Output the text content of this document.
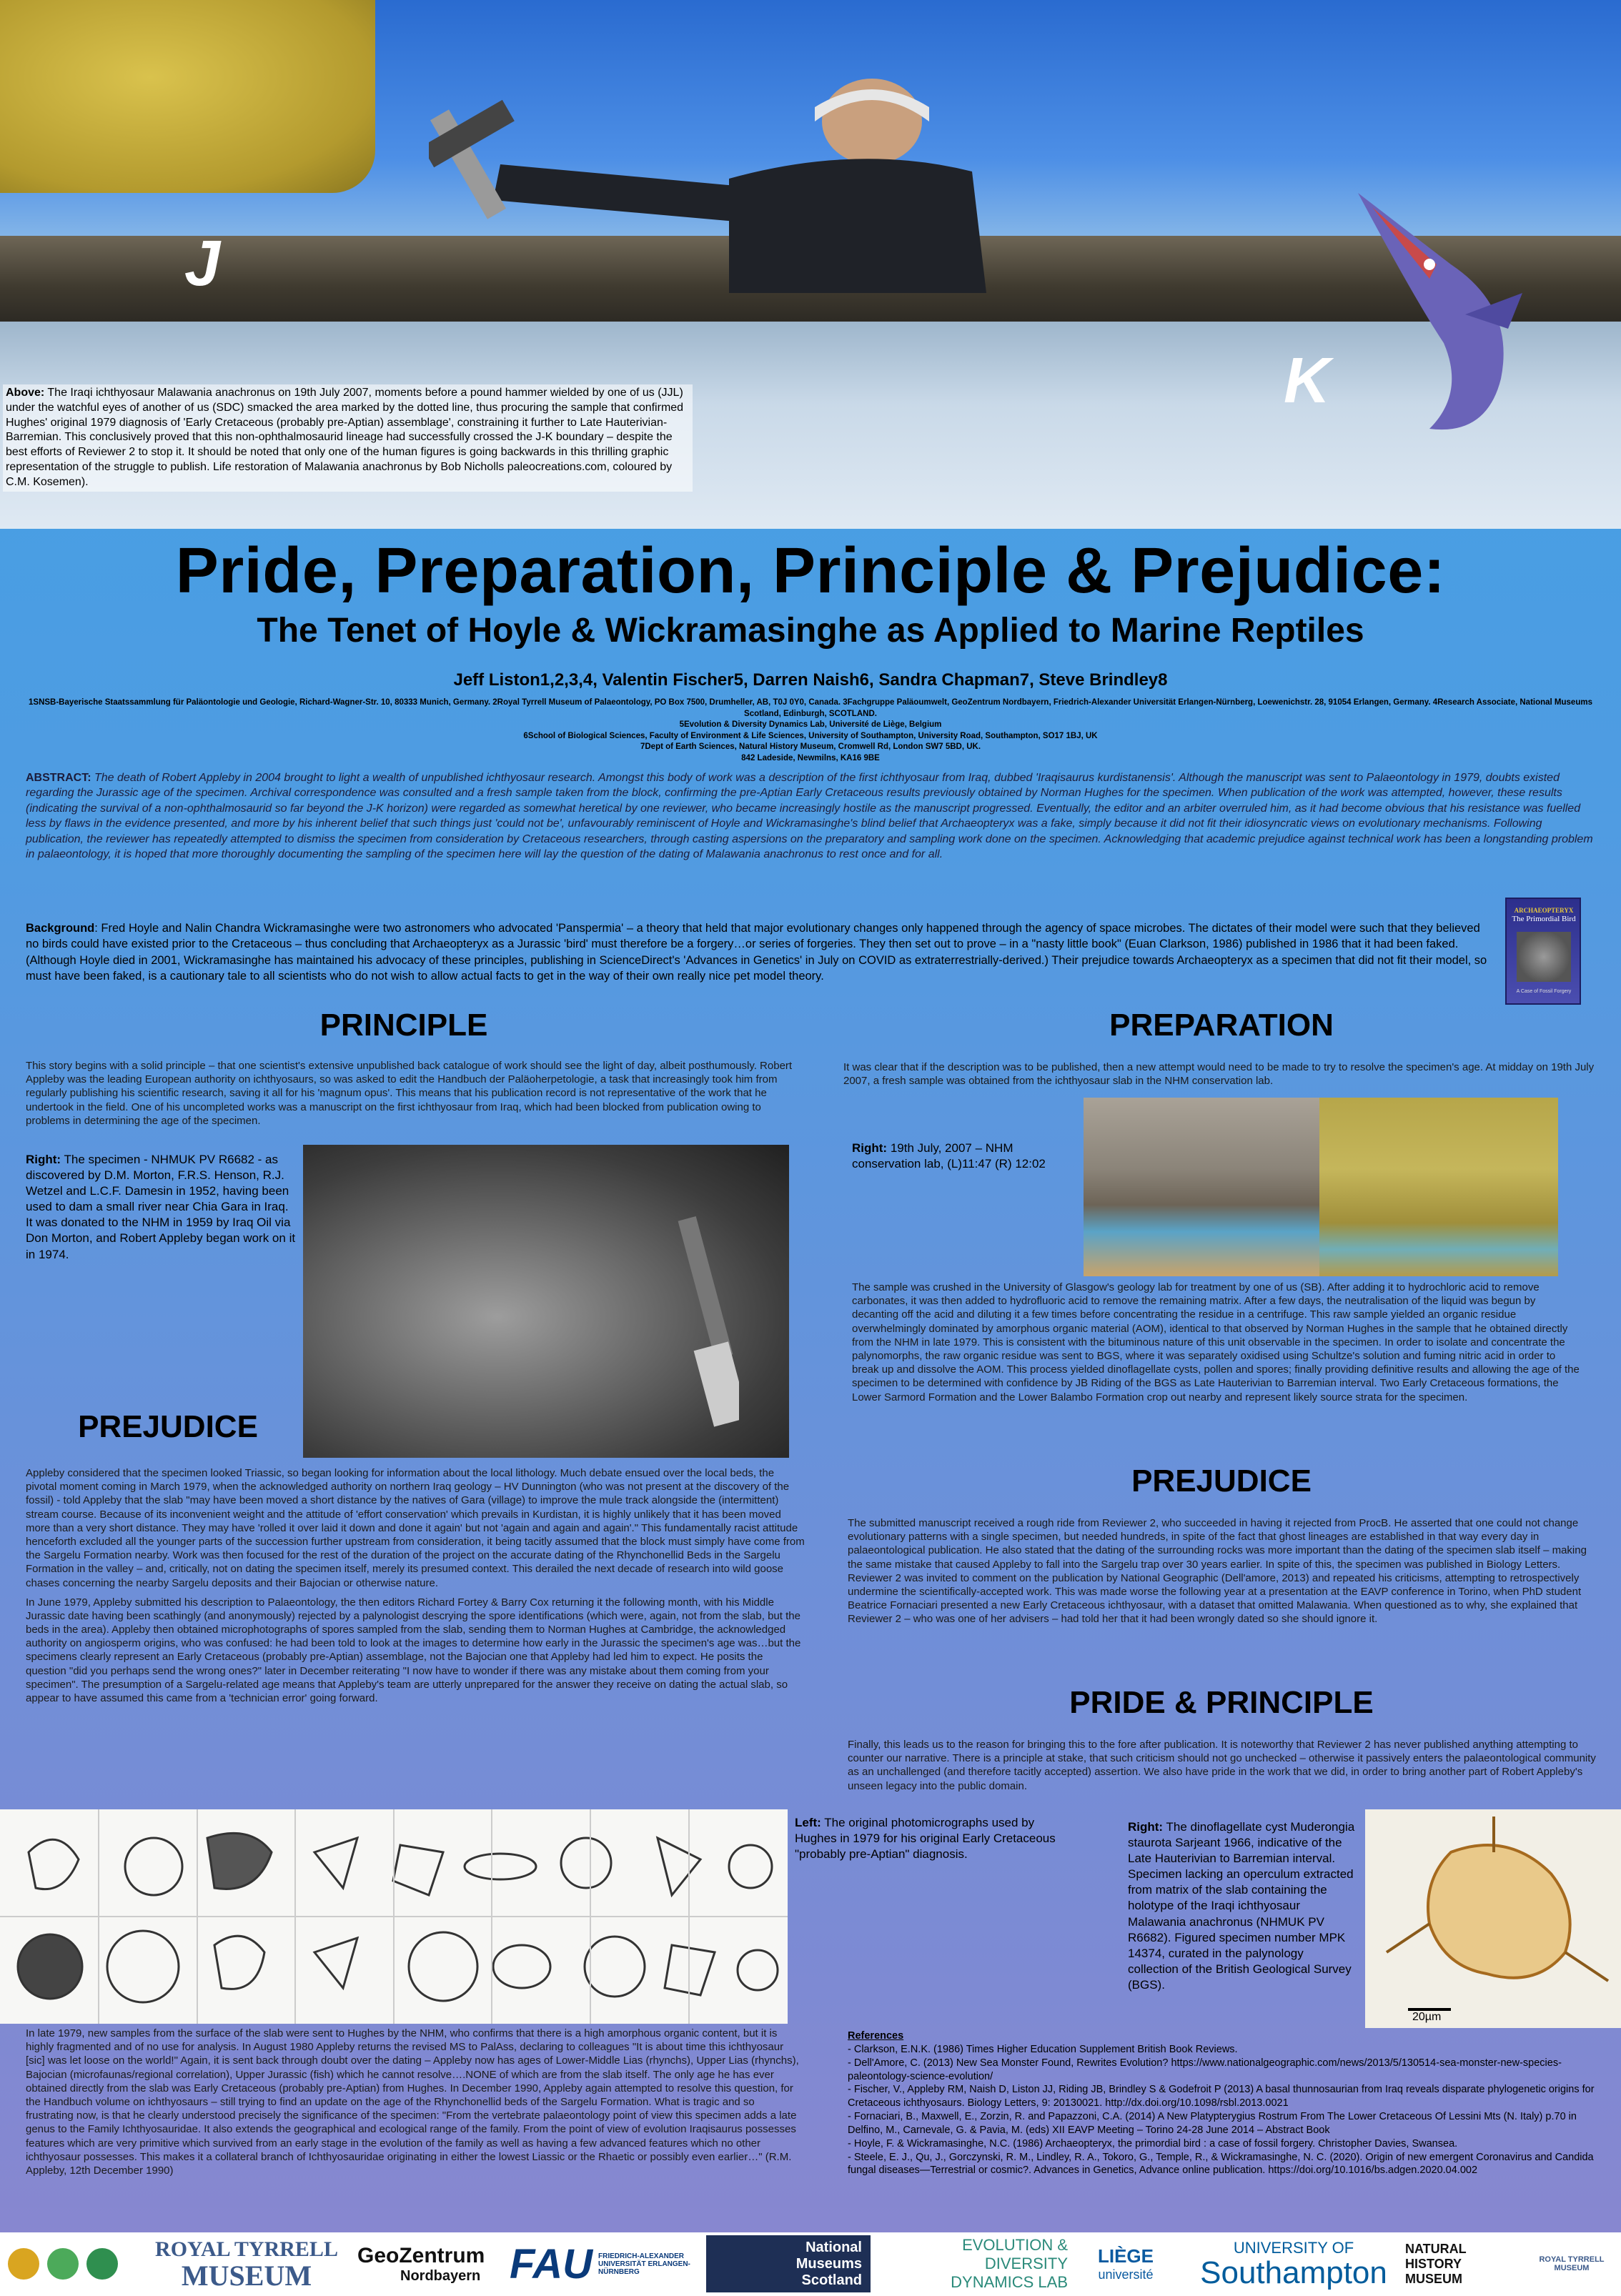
J
K
Above: The Iraqi ichthyosaur Malawania anachronus on 19th July 2007, moments before a pound hammer wielded by one of us (JJL) under the watchful eyes of another of us (SDC) smacked the area marked by the dotted line, thus procuring the sample that confirmed Hughes' original 1979 diagnosis of 'Early Cretaceous (probably pre-Aptian) assemblage', constraining it further to Late Hauterivian-Barremian. This conclusively proved that this non-ophthalmosaurid lineage had successfully crossed the J-K boundary – despite the best efforts of Reviewer 2 to stop it. It should be noted that only one of the human figures is going backwards in this thrilling graphic representation of the struggle to publish. Life restoration of Malawania anachronus by Bob Nicholls paleocreations.com, coloured by C.M. Kosemen).
Pride, Preparation, Principle & Prejudice:
The Tenet of Hoyle & Wickramasinghe as Applied to Marine Reptiles
Jeff Liston1,2,3,4, Valentin Fischer5, Darren Naish6, Sandra Chapman7, Steve Brindley8
1SNSB-Bayerische Staatssammlung für Paläontologie und Geologie, Richard-Wagner-Str. 10, 80333 Munich, Germany. 2Royal Tyrrell Museum of Palaeontology, PO Box 7500, Drumheller, AB, T0J 0Y0, Canada. 3Fachgruppe Paläoumwelt, GeoZentrum Nordbayern, Friedrich-Alexander Universität Erlangen-Nürnberg, Loewenichstr. 28, 91054 Erlangen, Germany. 4Research Associate, National Museums Scotland, Edinburgh, SCOTLAND.
5Evolution & Diversity Dynamics Lab, Université de Liège, Belgium
6School of Biological Sciences, Faculty of Environment & Life Sciences, University of Southampton, University Road, Southampton, SO17 1BJ, UK
7Dept of Earth Sciences, Natural History Museum, Cromwell Rd, London SW7 5BD, UK.
842 Ladeside, Newmilns, KA16 9BE
ABSTRACT: The death of Robert Appleby in 2004 brought to light a wealth of unpublished ichthyosaur research. Amongst this body of work was a description of the first ichthyosaur from Iraq, dubbed 'Iraqisaurus kurdistanensis'. Although the manuscript was sent to Palaeontology in 1979, doubts existed regarding the Jurassic age of the specimen. Archival correspondence was consulted and a fresh sample taken from the block, confirming the pre-Aptian Early Cretaceous results previously obtained by Norman Hughes for the specimen. When publication of the work was attempted, however, these results (indicating the survival of a non-ophthalmosaurid so far beyond the J-K horizon) were regarded as somewhat heretical by one reviewer, who became increasingly hostile as the manuscript progressed. Eventually, the editor and an arbiter overruled him, as it had become obvious that his resistance was fuelled less by flaws in the evidence presented, and more by his inherent belief that such things just 'could not be', unfavourably reminiscent of Hoyle and Wickramasinghe's blind belief that Archaeopteryx was a fake, simply because it did not fit their idiosyncratic views on evolutionary mechanisms. Following publication, the reviewer has repeatedly attempted to dismiss the specimen from consideration by Cretaceous researchers, through casting aspersions on the preparatory and sampling work done on the specimen. Acknowledging that academic prejudice against technical work has been a longstanding problem in palaeontology, it is hoped that more thoroughly documenting the sampling of the specimen here will lay the question of the dating of Malawania anachronus to rest once and for all.
Background: Fred Hoyle and Nalin Chandra Wickramasinghe were two astronomers who advocated 'Panspermia' – a theory that held that major evolutionary changes only happened through the agency of space microbes. The dictates of their model were such that they believed no birds could have existed prior to the Cretaceous – thus concluding that Archaeopteryx as a Jurassic 'bird' must therefore be a forgery…or series of forgeries. They then set out to prove – in a "nasty little book" (Euan Clarkson, 1986) published in 1986 that it had been faked. (Although Hoyle died in 2001, Wickramasinghe has maintained his advocacy of these principles, publishing in ScienceDirect's 'Advances in Genetics' in July on COVID as extraterrestrially-derived.) Their prejudice towards Archaeopteryx as a specimen that did not fit their model, so must have been faked, is a cautionary tale to all scientists who do not wish to allow actual facts to get in the way of their own really nice pet model theory.
ARCHAEOPTERYX
The Primordial Bird
A Case of Fossil Forgery
PRINCIPLE
This story begins with a solid principle – that one scientist's extensive unpublished back catalogue of work should see the light of day, albeit posthumously. Robert Appleby was the leading European authority on ichthyosaurs, so was asked to edit the Handbuch der Paläoherpetologie, a task that increasingly took him from regularly publishing his scientific research, saving it all for his 'magnum opus'. This means that his publication record is not representative of the work that he undertook in the field. One of his uncompleted works was a manuscript on the first ichthyosaur from Iraq, which had been blocked from publication owing to problems in determining the age of the specimen.
Right: The specimen - NHMUK PV R6682 - as discovered by D.M. Morton, F.R.S. Henson, R.J. Wetzel and L.C.F. Damesin in 1952, having been used to dam a small river near Chia Gara in Iraq. It was donated to the NHM in 1959 by Iraq Oil via Don Morton, and Robert Appleby began work on it in 1974.
PREJUDICE

Appleby considered that the specimen looked Triassic, so began looking for information about the local lithology. Much debate ensued over the local beds, the pivotal moment coming in March 1979, when the acknowledged authority on northern Iraq geology – HV Dunnington (who was not present at the discovery of the fossil) - told Appleby that the slab "may have been moved a short distance by the natives of Gara (village) to improve the mule track alongside the (intermittent) stream course. Because of its inconvenient weight and the attitude of 'effort conservation' which prevails in Kurdistan, it is highly unlikely that it has been moved more than a very short distance. They may have 'rolled it over laid it down and done it again' but not 'again and again and again'." This fundamentally racist attitude henceforth excluded all the younger parts of the succession further upstream from consideration, it being tacitly assumed that the block must simply have come from the Sargelu Formation nearby. Work was then focused for the rest of the duration of the project on the accurate dating of the Rhynchonellid Beds in the Sargelu Formation in the valley – and, critically, not on dating the specimen itself, merely its presumed context. This derailed the next decade of research into wild goose chases concerning the nearby Sargelu deposits and their Bajocian or otherwise nature.

In June 1979, Appleby submitted his description to Palaeontology, the then editors Richard Fortey & Barry Cox returning it the following month, with his Middle Jurassic date having been scathingly (and anonymously) rejected by a palynologist descrying the spore identifications (which were, again, not from the slab, but the beds in the area). Appleby then obtained microphotographs of spores sampled from the slab, sending them to Norman Hughes at Cambridge, the acknowledged authority on angiosperm origins, who was confused: he had been told to look at the images to determine how early in the Jurassic the specimen's age was…but the specimens clearly represent an Early Cretaceous (probably pre-Aptian) assemblage, not the Bajocian one that Appleby had led him to expect. He posits the question "did you perhaps send the wrong ones?" later in December reiterating "I now have to wonder if there was any mistake about them coming from your specimen". The presumption of a Sargelu-related age means that Appleby's team are utterly unprepared for the answer they receive on dating the actual slab, so appear to have assumed this came from a 'technician error' going forward.

PREPARATION
It was clear that if the description was to be published, then a new attempt would need to be made to try to resolve the specimen's age. At midday on 19th July 2007, a fresh sample was obtained from the ichthyosaur slab in the NHM conservation lab.
Right: 19th July, 2007 – NHM conservation lab, (L)11:47 (R) 12:02
The sample was crushed in the University of Glasgow's geology lab for treatment by one of us (SB). After adding it to hydrochloric acid to remove carbonates, it was then added to hydrofluoric acid to remove the remaining matrix. After a few days, the neutralisation of the liquid was begun by decanting off the acid and diluting it a few times before concentrating the residue in a centrifuge. This raw sample yielded an organic residue overwhelmingly dominated by amorphous organic material (AOM), identical to that observed by Norman Hughes in the sample that he obtained directly from the NHM in late 1979. This is consistent with the bituminous nature of this unit observable in the specimen. In order to isolate and concentrate the palynomorphs, the raw organic residue was sent to BGS, where it was separately oxidised using Schultze's solution and fuming nitric acid in order to break up and dissolve the AOM. This process yielded dinoflagellate cysts, pollen and spores; finally providing definitive results and allowing the age of the specimen to be determined with confidence by JB Riding of the BGS as Late Hauterivian to Barremian interval. Two Early Cretaceous formations, the Lower Sarmord Formation and the Lower Balambo Formation crop out nearby and represent likely source strata for the specimen.
PREJUDICE
The submitted manuscript received a rough ride from Reviewer 2, who succeeded in having it rejected from ProcB. He asserted that one could not change evolutionary patterns with a single specimen, but needed hundreds, in spite of the fact that ghost lineages are established in that way every day in palaeontological publication. He also stated that the dating of the surrounding rocks was more important than the dating of the specimen slab itself – making the same mistake that caused Appleby to fall into the Sargelu trap over 30 years earlier. In spite of this, the specimen was published in Biology Letters. Reviewer 2 was invited to comment on the publication by National Geographic (Dell'amore, 2013) and repeated his criticisms, attempting to retrospectively undermine the scientifically-accepted work. This was made worse the following year at a presentation at the EAVP conference in Torino, when PhD student Beatrice Fornaciari presented a new Early Cretaceous ichthyosaur, with a dataset that omitted Malawania. When questioned as to why, she explained that Reviewer 2 – who was one of her advisers – had told her that it had been wrongly dated so she should ignore it.
PRIDE & PRINCIPLE
Finally, this leads us to the reason for bringing this to the fore after publication. It is noteworthy that Reviewer 2 has never published anything attempting to counter our narrative. There is a principle at stake, that such criticism should not go unchecked – otherwise it passively enters the palaeontological community as an unchallenged (and therefore tacitly accepted) assertion. We also have pride in the work that we did, in order to bring another part of Robert Appleby's unseen legacy into the public domain.
Left: The original photomicrographs used by Hughes in 1979 for his original Early Cretaceous "probably pre-Aptian" diagnosis.
Right: The dinoflagellate cyst Muderongia staurota Sarjeant 1966, indicative of the Late Hauterivian to Barremian interval. Specimen lacking an operculum extracted from matrix of the slab containing the holotype of the Iraqi ichthyosaur Malawania anachronus (NHMUK PV R6682). Figured specimen number MPK 14374, curated in the palynology collection of the British Geological Survey (BGS).
20µm
In late 1979, new samples from the surface of the slab were sent to Hughes by the NHM, who confirms that there is a high amorphous organic content, but it is highly fragmented and of no use for analysis. In August 1980 Appleby returns the revised MS to PalAss, declaring to colleagues "It is about time this ichthyosaur [sic] was let loose on the world!" Again, it is sent back through doubt over the dating – Appleby now has ages of Lower-Middle Lias (rhynchs), Upper Lias (rhynchs), Bajocian (microfaunas/regional correlation), Upper Jurassic (fish) which he cannot resolve….NONE of which are from the slab itself. The only age he has ever obtained directly from the slab was Early Cretaceous (probably pre-Aptian) from Hughes. In December 1990, Appleby again attempted to resolve this question, for the Handbuch volume on ichthyosaurs – still trying to find an update on the age of the Rhynchonellid beds of the Sargelu Formation. What is tragic and so frustrating now, is that he clearly understood precisely the significance of the specimen: "From the vertebrate palaeontology point of view this specimen adds a late genus to the Family Ichthyosauridae. It also extends the geographical and ecological range of the family. From the point of view of evolution Iraqisaurus possesses features which are very primitive which survived from an early stage in the evolution of the family as well as having a few advanced features which no other ichthyosaur possesses. This makes it a collateral branch of Ichthyosauridae originating in either the lowest Liassic or the Rhaetic or possibly even earlier…" (R.M. Appleby, 12th December 1990)
References
- Clarkson, E.N.K. (1986) Times Higher Education Supplement British Book Reviews.
- Dell'Amore, C. (2013) New Sea Monster Found, Rewrites Evolution? https://www.nationalgeographic.com/news/2013/5/130514-sea-monster-new-species-paleontology-science-evolution/
- Fischer, V., Appleby RM, Naish D, Liston JJ, Riding JB, Brindley S & Godefroit P (2013) A basal thunnosaurian from Iraq reveals disparate phylogenetic origins for Cretaceous ichthyosaurs. Biology Letters, 9: 20130021. http://dx.doi.org/10.1098/rsbl.2013.0021
- Fornaciari, B., Maxwell, E., Zorzin, R. and Papazzoni, C.A. (2014) A New Platypterygius Rostrum From The Lower Cretaceous Of Lessini Mts (N. Italy) p.70 in Delfino, M., Carnevale, G. & Pavia, M. (eds) XII EAVP Meeting – Torino 24-28 June 2014 – Abstract Book
- Hoyle, F. & Wickramasinghe, N.C. (1986) Archaeopteryx, the primordial bird : a case of fossil forgery. Christopher Davies, Swansea.
- Steele, E. J., Qu, J., Gorczynski, R. M., Lindley, R. A., Tokoro, G., Temple, R., & Wickramasinghe, N. C. (2020). Origin of new emergent Coronavirus and Candida fungal diseases—Terrestrial or cosmic?. Advances in Genetics, Advance online publication. https://doi.org/10.1016/bs.adgen.2020.04.002
ROYAL TYRRELL
MUSEUM
GeoZentrum
Nordbayern FAU FRIEDRICH-ALEXANDER UNIVERSITÄT ERLANGEN-NÜRNBERG
National
Museums
Scotland
EVOLUTION &
DIVERSITY
DYNAMICS LAB
LIÈGE
université
UNIVERSITY OF
Southampton
NATURAL
HISTORY
MUSEUM
ROYAL TYRRELL MUSEUM
